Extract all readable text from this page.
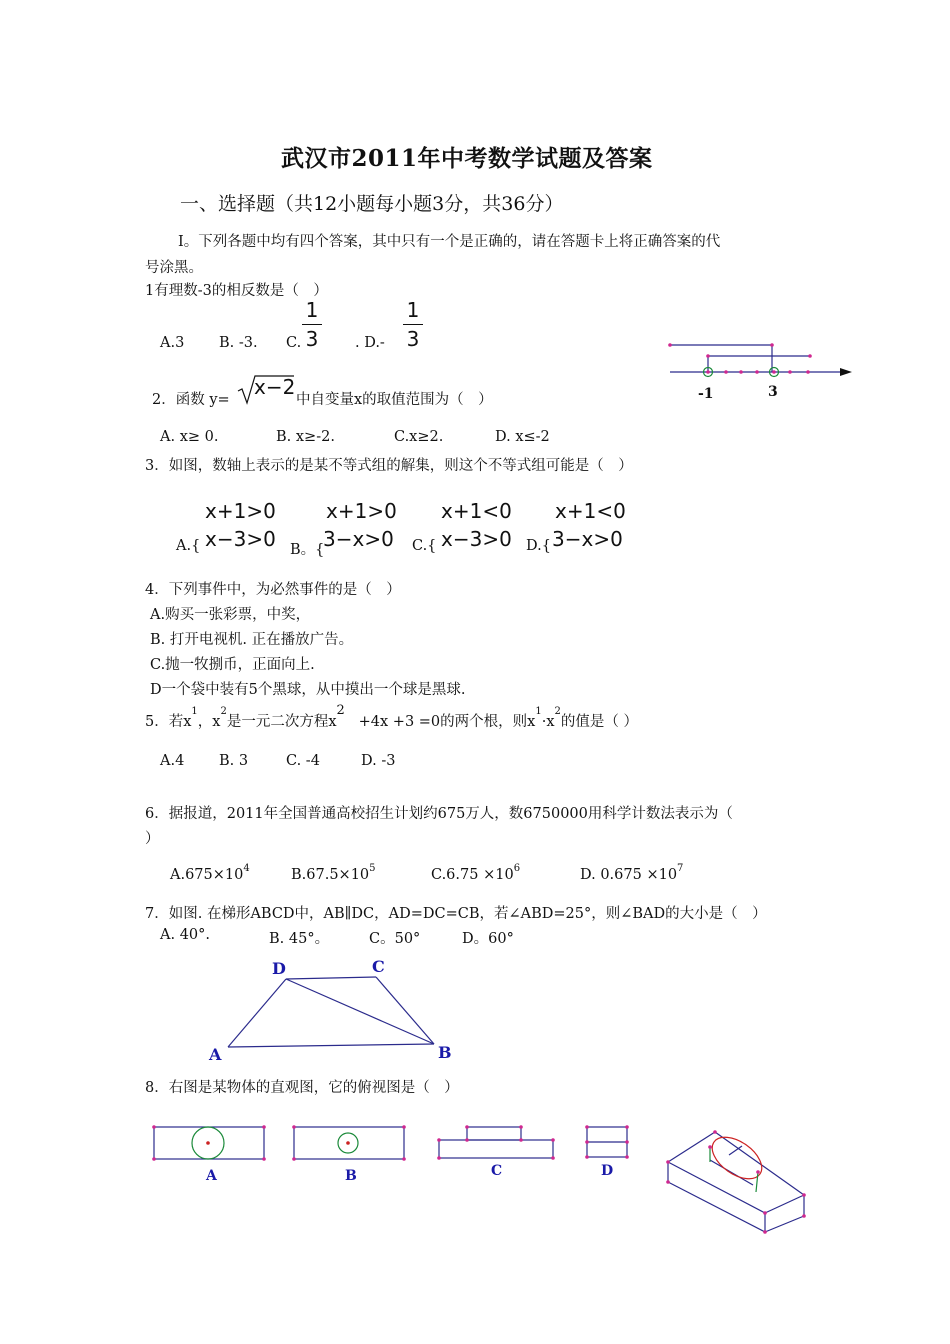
武汉市2011年中考数学试题及答案
一、选择题（共12小题每小题3分，共36分）
I。下列各题中均有四个答案，其中只有一个是正确的，请在答题卡上将正确答案的代
号涂黑。
1有理数-3的相反数是（　）
A.3 B. -3. C.
1
3	. D.-
1
3
-1	3
2．函数 y=
x−2
中自变量x的取值范围为（　）
A. x≥ 0.	B. x≥-2.	C.x≥2.	D. x≤-2
3．如图，数轴上表示的是某不等式组的解集，则这个不等式组可能是（　）
A.{
x+1>0
x−3>0 B。{
x+1>0
3−x>0 C.{
x+1<0
x−3>0 D.{
x+1<0
3−x>0
4．下列事件中，为必然事件的是（　）
A.购买一张彩票，中奖，
B. 打开电视机. 正在播放广告。
C.抛一牧捌币，正面向上.
D一个袋中装有5个黑球，从中摸出一个球是黑球.
5．若$x^1$，$x^2$是一元二次方程$x^2 +4x +3 =0$的两个根，则$x^1\cdot x^2$的值是（ ）
A.4 B. 3	C. -4	D. -3
6．据报道，2011年全国普通高校招生计划约675万人，数6750000用科学计数法表示为（
）
$A.675\times 10^4$	$B.67.5\times 10^5$	$C.6.75 \times 10^6$	D. $0.675 \times 10^7$
7．如图. 在梯形ABCD中，AB∥DC，AD=DC=CB，若∠ABD=25°，则∠BAD的大小是（　）
A. 40°.	B. 45°。	C。50°	D。60°
D	C
A	B
8．右图是某物体的直观图，它的俯视图是（　）
A	B	C	D
